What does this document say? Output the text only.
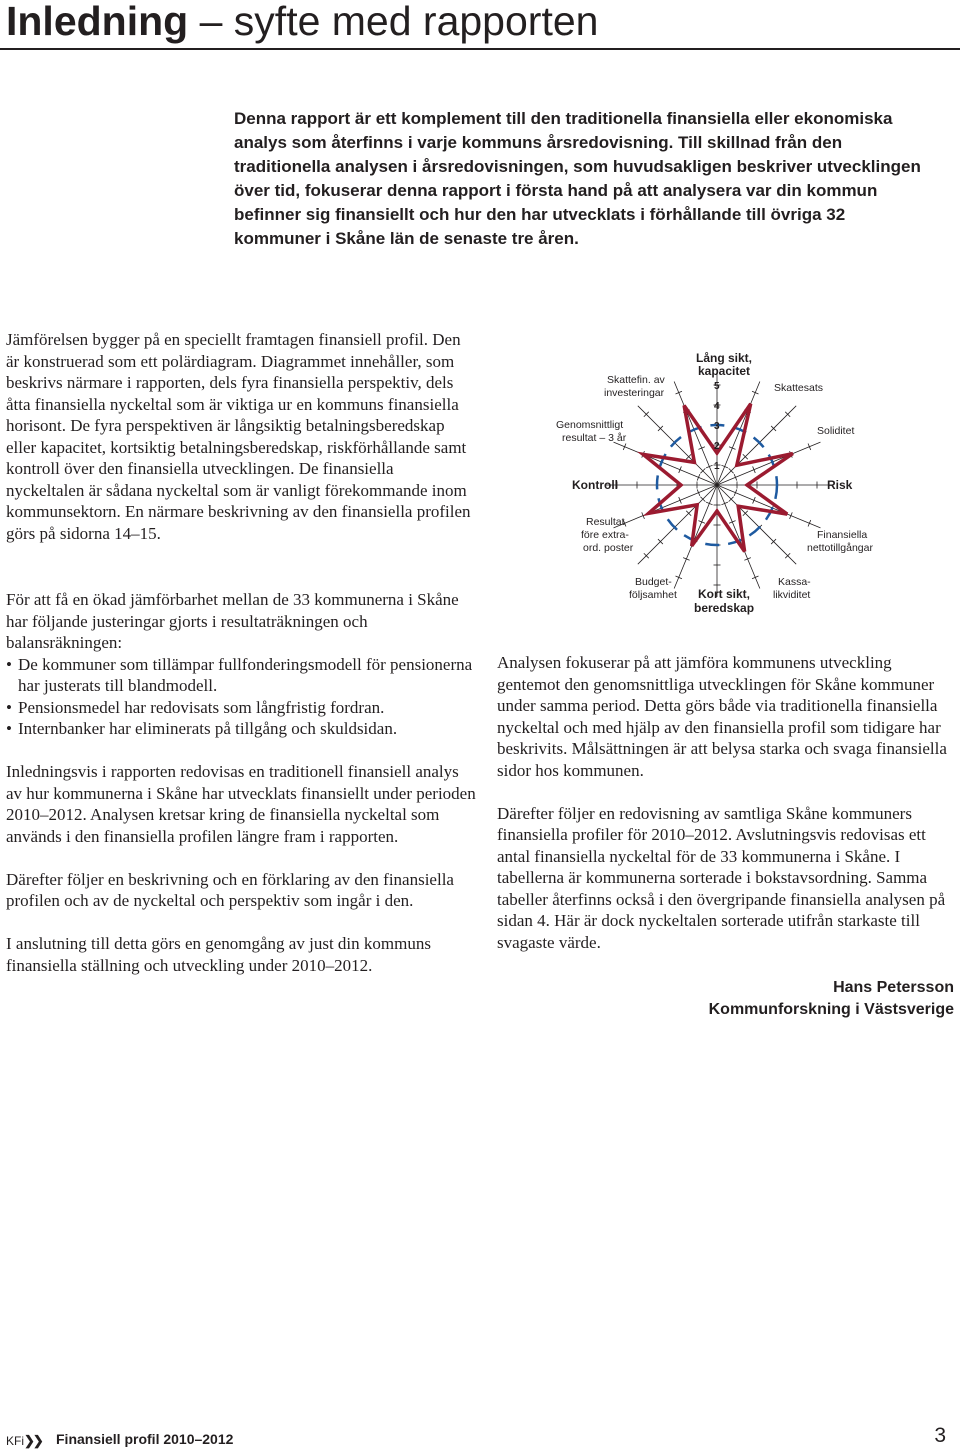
Inledning – syfte med rapporten
Denna rapport är ett komplement till den traditionella finansiella eller ekonomiska analys som återfinns i varje kommuns årsredovisning. Till skillnad från den traditionella analysen i årsredovisningen, som huvudsakligen beskriver utvecklingen över tid, fokuserar denna rapport i första hand på att analysera var din kommun befinner sig finansiellt och hur den har utvecklats i förhållande till övriga 32 kommuner i Skåne län de senaste tre åren.

Jämförelsen bygger på en speciellt framtagen finansiell profil. Den är konstruerad som ett polärdiagram. Diagrammet innehåller, som beskrivs närmare i rapporten, dels fyra finansiella perspektiv, dels åtta finansiella nyckeltal som är viktiga ur en kommuns finansiella horisont. De fyra perspektiven är långsiktig betalningsberedskap eller kapacitet, kortsiktig betalningsberedskap, riskförhållande samt kontroll över den finansiella utvecklingen. De finansiella nyckeltalen är sådana nyckeltal som är vanligt förekommande inom kommunsektorn. En närmare beskrivning av den finansiella profilen görs på sidorna 14–15.

Lång sikt, kapacitet
Kontroll	Risk
Kort sikt, beredskap
Skattefin. av investeringar	Skattesats
Genomsnittligt resultat – 3 år
Soliditet
Resultat före extra- ord. poster
Finansiella nettotillgångar
Budget- följsamhet
Kassa- likviditet
1
2
3
4
5

För att få en ökad jämförbarhet mellan de 33 kommunerna i Skåne har följande justeringar gjorts i resultaträkningen och balansräkningen:

• De kommuner som tillämpar fullfonderingsmodell för pensionerna har justerats till blandmodell.
• Pensionsmedel har redovisats som långfristig fordran.
• Internbanker har eliminerats på tillgång och skuldsidan.

Inledningsvis i rapporten redovisas en traditionell finansiell analys av hur kommunerna i Skåne har utvecklats finansiellt under perioden 2010–2012. Analysen kretsar kring de finansiella nyckeltal som används i den finansiella profilen längre fram i rapporten.

Därefter följer en beskrivning och en förklaring av den finansiella profilen och av de nyckeltal och perspektiv som ingår i den.

I anslutning till detta görs en genomgång av just din kommuns finansiella ställning och utveckling under 2010–2012.

Analysen fokuserar på att jämföra kommunens utveckling gentemot den genomsnittliga utvecklingen för Skåne kommuner under samma period. Detta görs både via traditionella finansiella nyckeltal och med hjälp av den finansiella profil som tidigare har beskrivits. Målsättningen är att belysa starka och svaga finansiella sidor hos kommunen.

Därefter följer en redovisning av samtliga Skåne kommuners finansiella profiler för 2010–2012. Avslutningsvis redovisas ett antal finansiella nyckeltal för de 33 kommunerna i Skåne. I tabellerna är kommunerna sorterade i bokstavsordning. Samma tabeller återfinns också i den övergripande finansiella analysen på sidan 4. Här är dock nyckeltalen sorterade utifrån starkaste till svagaste värde.

Hans Petersson
Kommunforskning i Västsverige
KFi❯❯ Finansiell profil 2010–2012	3
